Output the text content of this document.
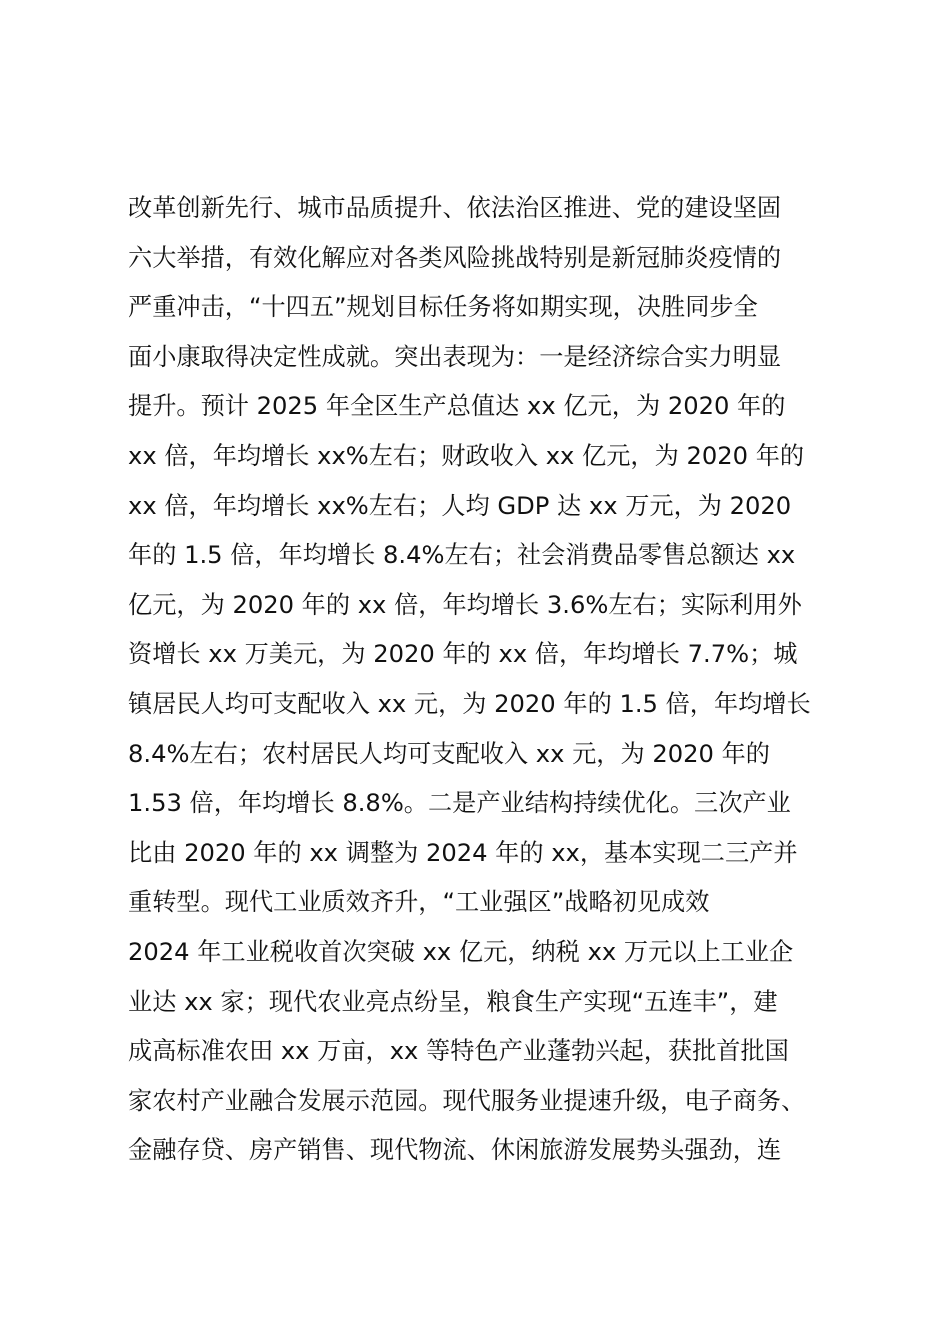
改革创新先行、城市品质提升、依法治区推进、党的建设坚固
六大举措，有效化解应对各类风险挑战特别是新冠肺炎疫情的
严重冲击，“十四五”规划目标任务将如期实现，决胜同步全
面小康取得决定性成就。突出表现为：一是经济综合实力明显
提升。预计 2025 年全区生产总值达 xx 亿元，为 2020 年的
xx 倍，年均增长 xx%左右；财政收入 xx 亿元，为 2020 年的
xx 倍，年均增长 xx%左右；人均 GDP 达 xx 万元，为 2020
年的 1.5 倍，年均增长 8.4%左右；社会消费品零售总额达 xx
亿元，为 2020 年的 xx 倍，年均增长 3.6%左右；实际利用外
资增长 xx 万美元，为 2020 年的 xx 倍，年均增长 7.7%；城
镇居民人均可支配收入 xx 元，为 2020 年的 1.5 倍，年均增长
8.4%左右；农村居民人均可支配收入 xx 元，为 2020 年的
1.53 倍，年均增长 8.8%。二是产业结构持续优化。三次产业
比由 2020 年的 xx 调整为 2024 年的 xx，基本实现二三产并
重转型。现代工业质效齐升，“工业强区”战略初见成效
2024 年工业税收首次突破 xx 亿元，纳税 xx 万元以上工业企
业达 xx 家；现代农业亮点纷呈，粮食生产实现“五连丰”，建
成高标准农田 xx 万亩，xx 等特色产业蓬勃兴起，获批首批国
家农村产业融合发展示范园。现代服务业提速升级，电子商务、
金融存贷、房产销售、现代物流、休闲旅游发展势头强劲，连
